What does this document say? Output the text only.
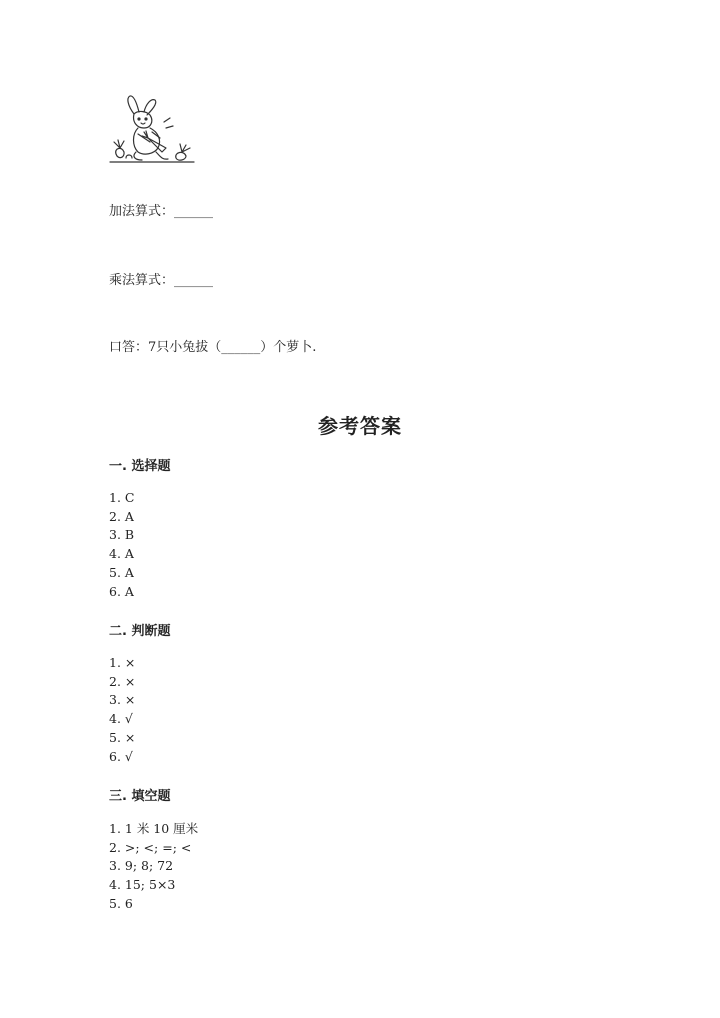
加法算式：______
乘法算式：______
口答：7只小兔拔（______）个萝卜.
参考答案
一. 选择题
1. C
2. A
3. B
4. A
5. A
6. A
二. 判断题
1. ×
2. ×
3. ×
4. √
5. ×
6. √
三. 填空题
1. 1 米 10 厘米
2. >; <; =; <
3. 9; 8; 72
4. 15; 5×3
5. 6
